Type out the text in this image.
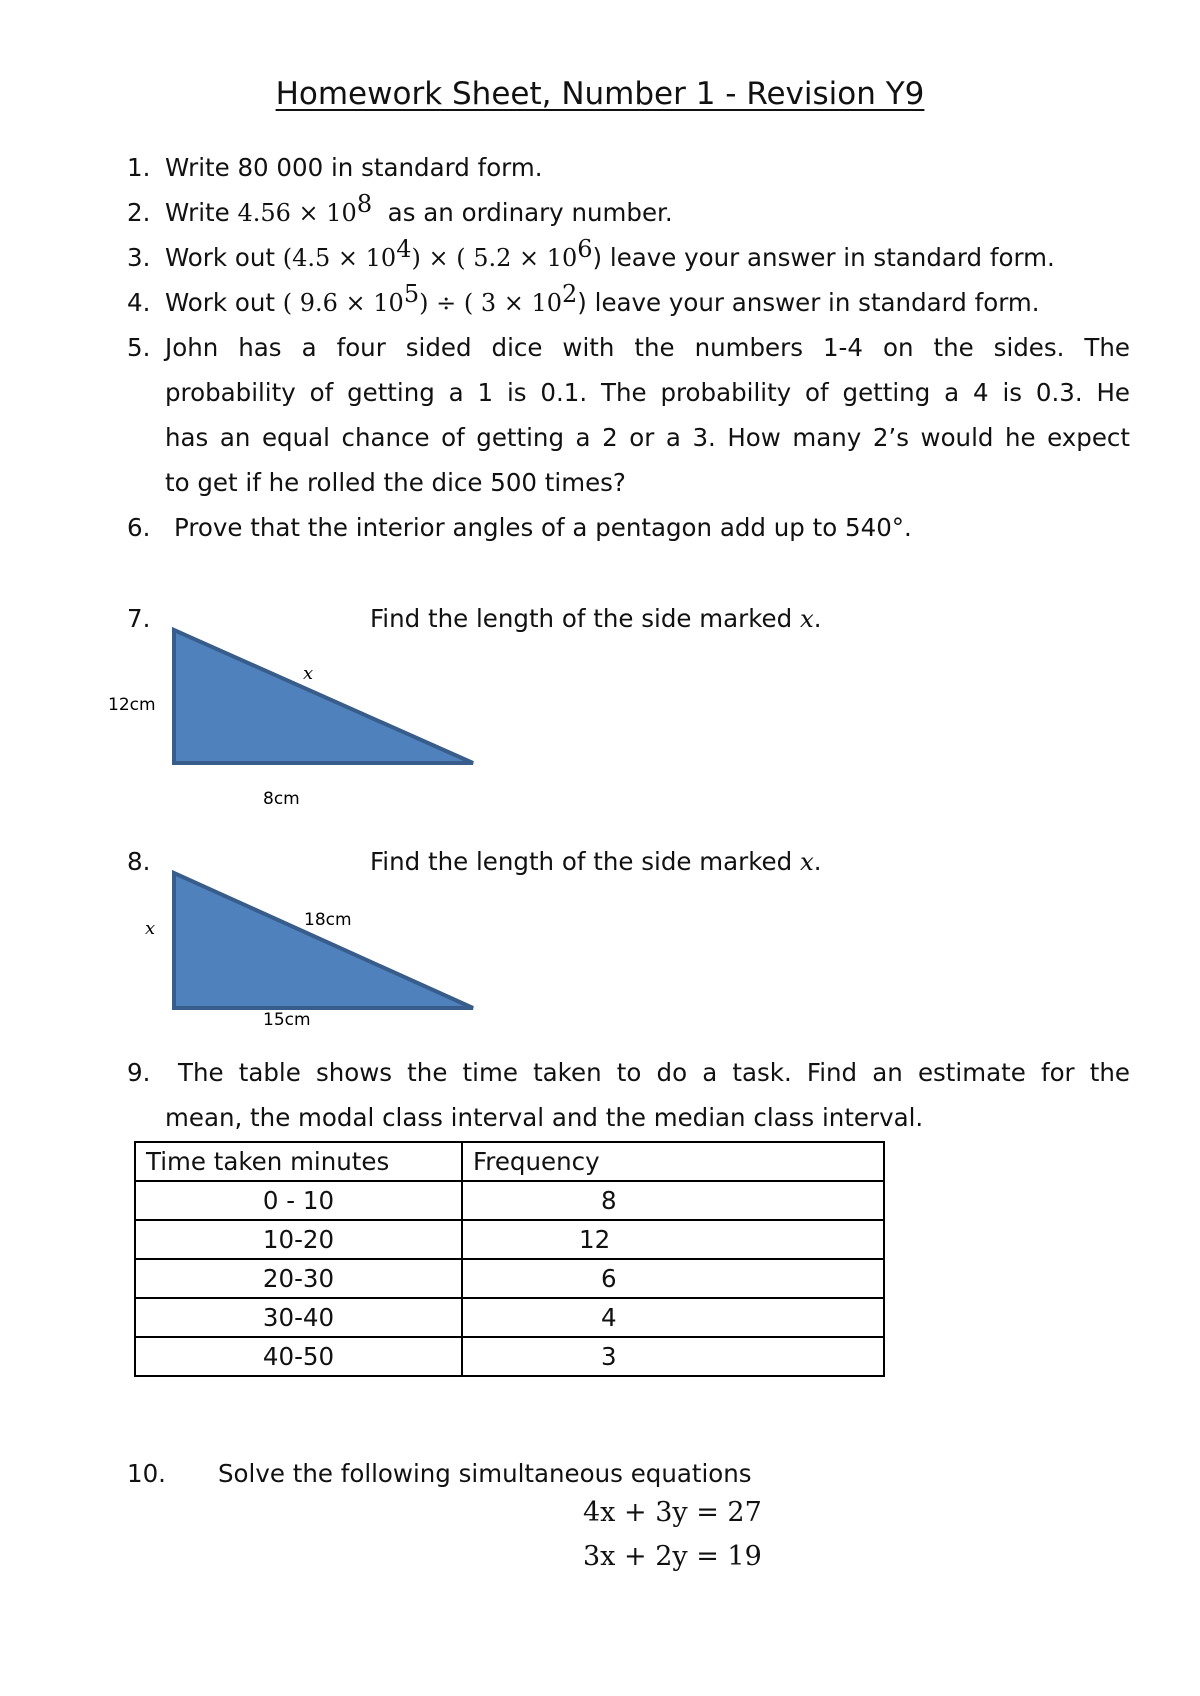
Homework Sheet, Number 1 - Revision Y9
1. Write 80 000 in standard form.
2. Write $4.56 \times 10^8$  as an ordinary number.
3. Work out $(4.5 \times 10^4)$ × ( $5.2 \times 10^6$) leave your answer in standard form.
4. Work out ( $9.6 \times 10^5$) ÷ ( $3 \times 10^2$) leave your answer in standard form.
5. John has a four sided dice with the numbers 1-4 on the sides. The
probability of getting a 1 is 0.1. The probability of getting a 4 is 0.3. He
has an equal chance of getting a 2 or a 3. How many 2’s would he expect
to get if he rolled the dice 500 times?
6. Prove that the interior angles of a pentagon add up to 540°.
7.	Find the length of the side marked x.
12cm
x
8cm
8.	Find the length of the side marked x.
x	18cm
15cm
9.	The table shows the time taken to do a task. Find an estimate for the
mean, the modal class interval and the median class interval.
Time taken minutes	Frequency
0 - 10	8
10-20	12
20-30	6
30-40	4
40-50	3
10. Solve the following simultaneous equations
4x + 3y = 27
3x + 2y = 19
